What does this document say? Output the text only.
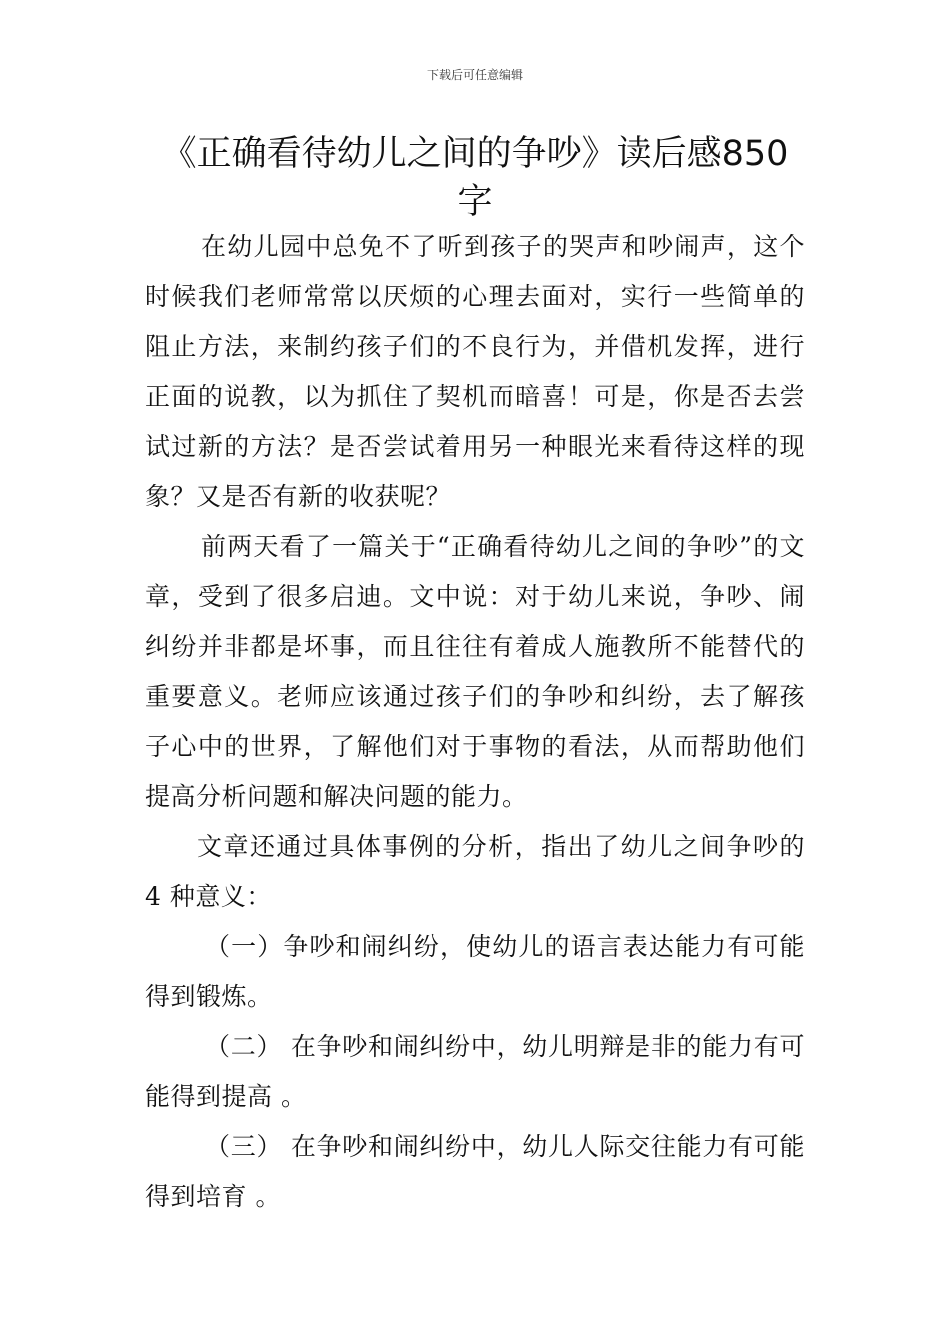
下载后可任意编辑
《正确看待幼儿之间的争吵》读后感850字

在幼儿园中总免不了听到孩子的哭声和吵闹声，这个时候我们老师常常以厌烦的心理去面对，实行一些简单的阻止方法，来制约孩子们的不良行为，并借机发挥，进行正面的说教，以为抓住了契机而暗喜！可是，你是否去尝试过新的方法？是否尝试着用另一种眼光来看待这样的现象？又是否有新的收获呢？

前两天看了一篇关于“正确看待幼儿之间的争吵”的文章，受到了很多启迪。文中说：对于幼儿来说，争吵、闹纠纷并非都是坏事，而且往往有着成人施教所不能替代的重要意义。老师应该通过孩子们的争吵和纠纷，去了解孩子心中的世界，了解他们对于事物的看法，从而帮助他们提高分析问题和解决问题的能力。

文章还通过具体事例的分析，指出了幼儿之间争吵的 4 种意义：

（一）争吵和闹纠纷，使幼儿的语言表达能力有可能得到锻炼。

（二） 在争吵和闹纠纷中，幼儿明辩是非的能力有可能得到提高 。

（三） 在争吵和闹纠纷中，幼儿人际交往能力有可能得到培育 。
